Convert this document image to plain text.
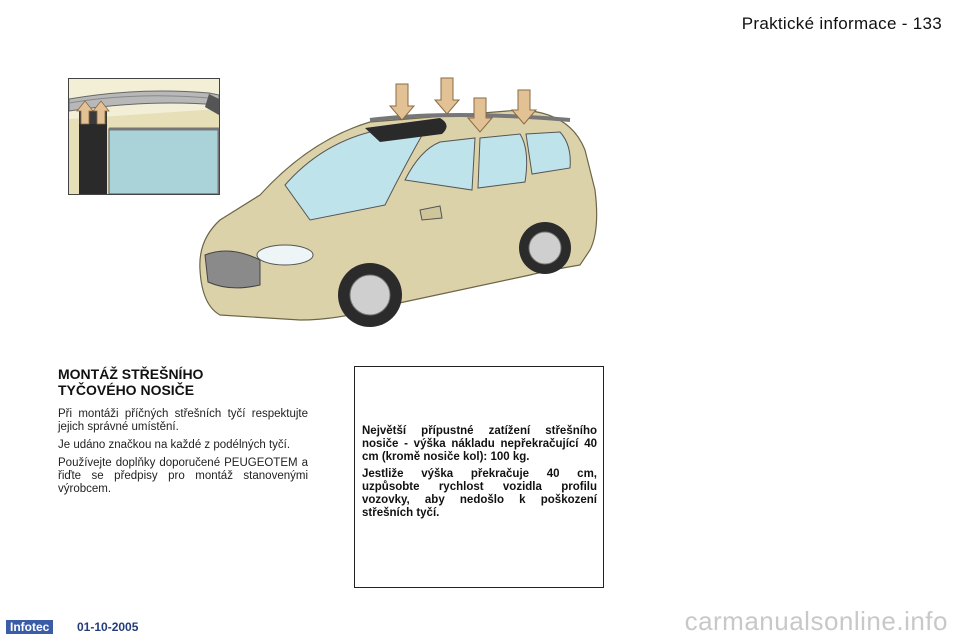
Praktické informace - 133
MONTÁŽ STŘEŠNÍHO
TYČOVÉHO NOSIČE

Při montáži příčných střešních tyčí respektujte jejich správné umístění.

Je udáno značkou na každé z podélných tyčí.

Používejte doplňky doporučené PEUGEOTEM a řiďte se předpisy pro montáž stanovenými výrobcem.

Největší přípustné zatížení střešního nosiče - výška nákladu nepřekračující 40 cm (kromě nosiče kol): 100 kg.

Jestliže výška překračuje 40 cm, uzpůsobte rychlost vozidla profilu vozovky, aby nedošlo k poškození střešních tyčí.

Infotec	01-10-2005	carmanualsonline.info
